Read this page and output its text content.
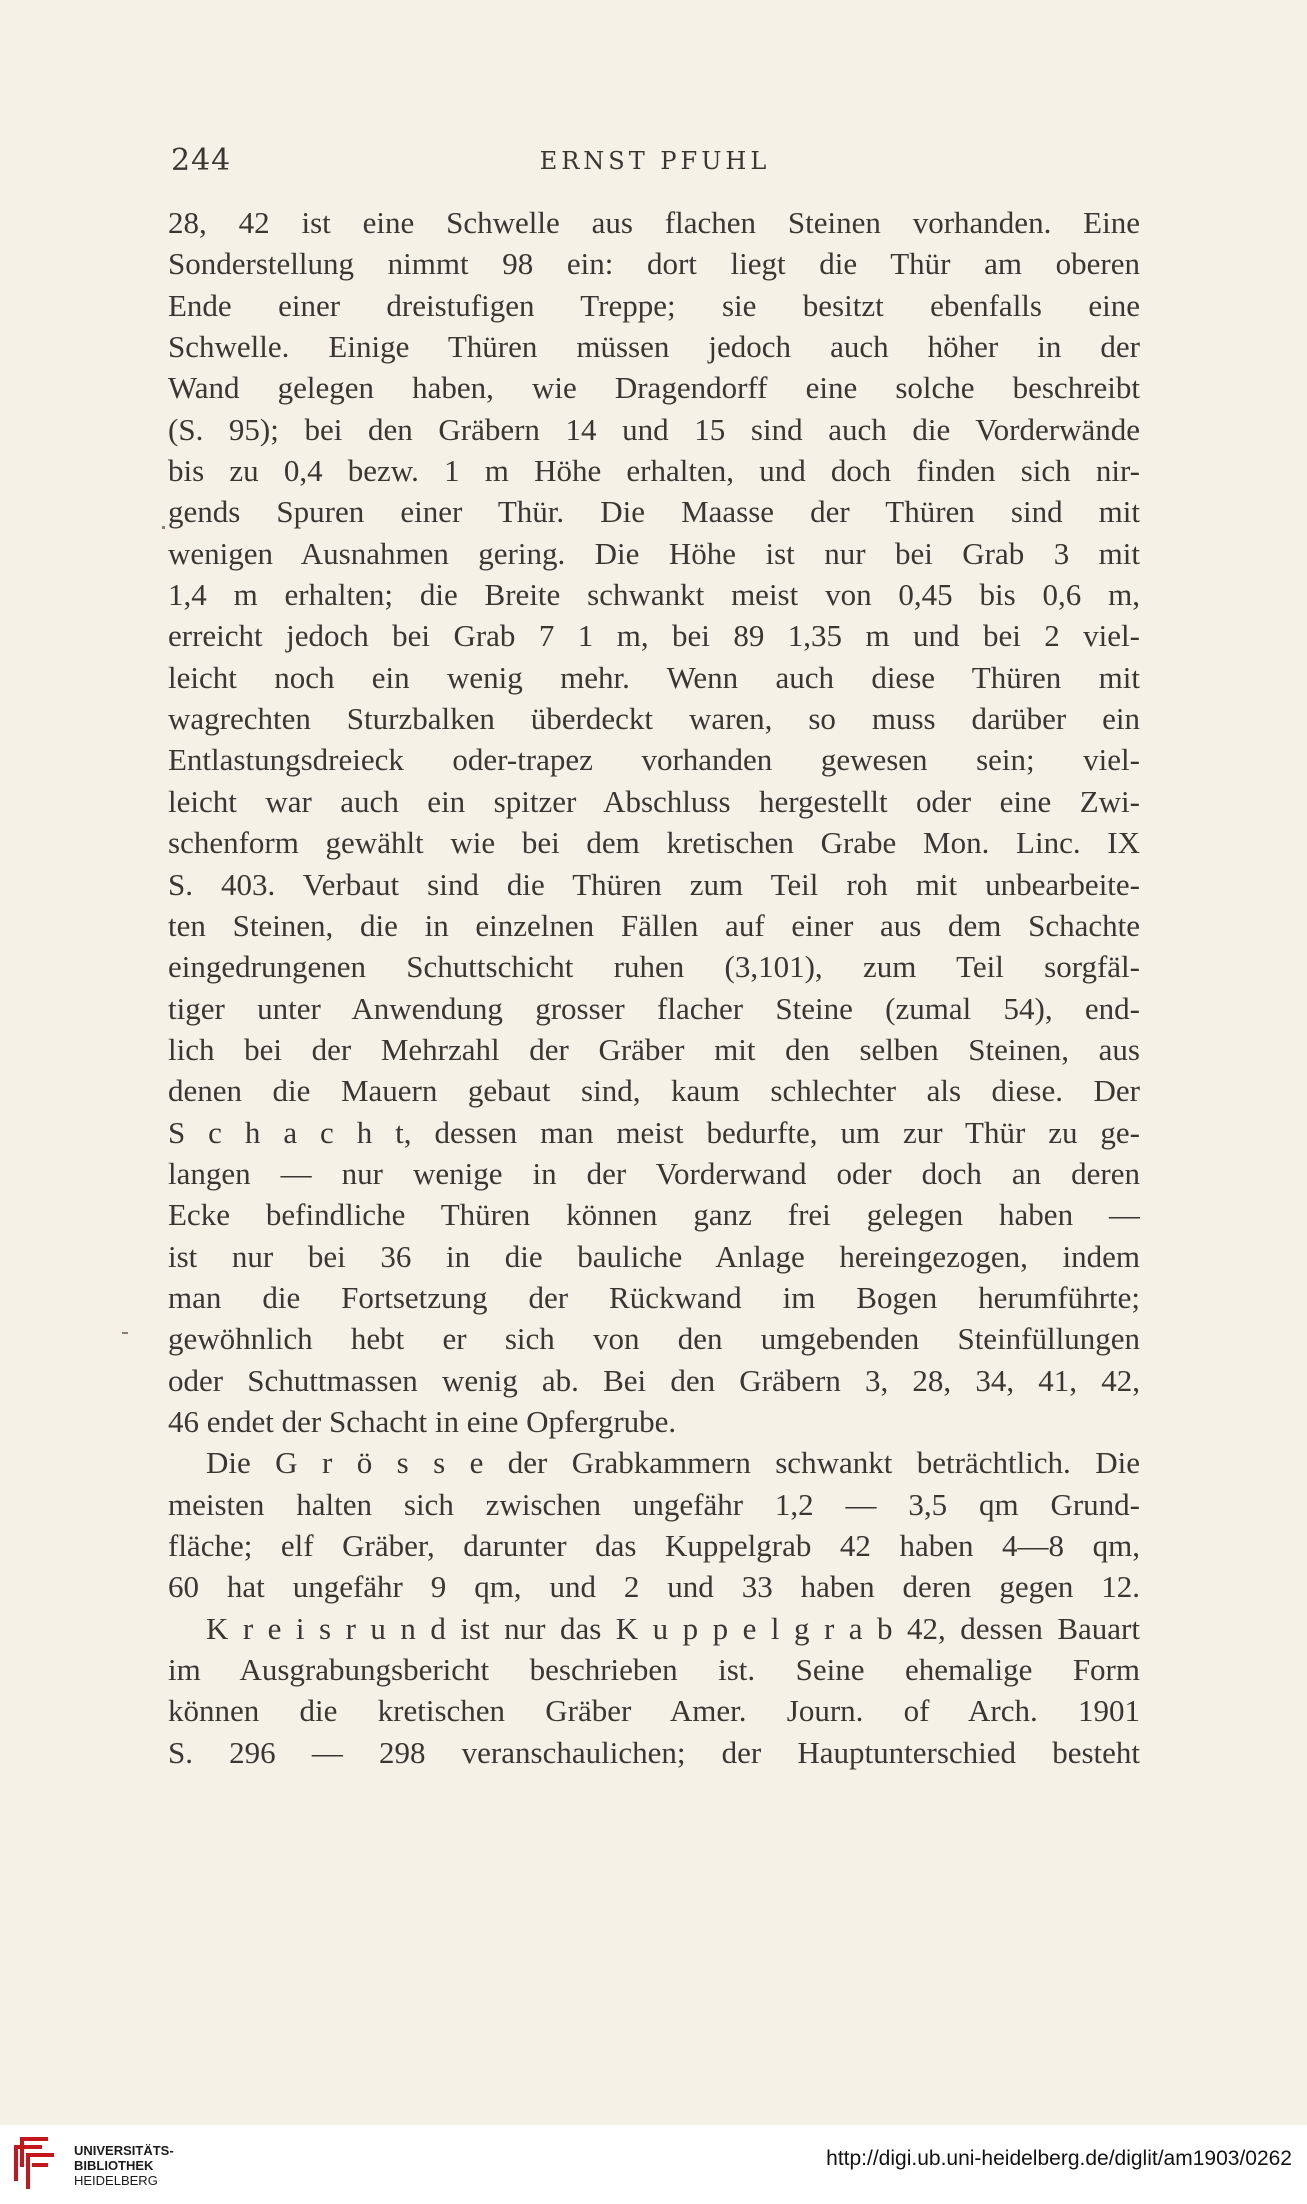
244	ERNST PFUHL
28, 42 ist eine Schwelle aus flachen Steinen vorhanden. Eine
Sonderstellung nimmt 98 ein: dort liegt die Thür am oberen
Ende einer dreistufigen Treppe; sie besitzt ebenfalls eine
Schwelle. Einige Thüren müssen jedoch auch höher in der
Wand gelegen haben, wie Dragendorff eine solche beschreibt
(S. 95); bei den Gräbern 14 und 15 sind auch die Vorderwände
bis zu 0,4 bezw. 1 m Höhe erhalten, und doch finden sich nir-
gends Spuren einer Thür. Die Maasse der Thüren sind mit
wenigen Ausnahmen gering. Die Höhe ist nur bei Grab 3 mit
1,4 m erhalten; die Breite schwankt meist von 0,45 bis 0,6 m,
erreicht jedoch bei Grab 7 1 m, bei 89 1,35 m und bei 2 viel-
leicht noch ein wenig mehr. Wenn auch diese Thüren mit
wagrechten Sturzbalken überdeckt waren, so muss darüber ein
Entlastungsdreieck oder-trapez vorhanden gewesen sein; viel-
leicht war auch ein spitzer Abschluss hergestellt oder eine Zwi-
schenform gewählt wie bei dem kretischen Grabe Mon. Linc. IX
S. 403. Verbaut sind die Thüren zum Teil roh mit unbearbeite-
ten Steinen, die in einzelnen Fällen auf einer aus dem Schachte
eingedrungenen Schuttschicht ruhen (3,101), zum Teil sorgfäl-
tiger unter Anwendung grosser flacher Steine (zumal 54), end-
lich bei der Mehrzahl der Gräber mit den selben Steinen, aus
denen die Mauern gebaut sind, kaum schlechter als diese. Der
S c h a c h t, dessen man meist bedurfte, um zur Thür zu ge-
langen — nur wenige in der Vorderwand oder doch an deren
Ecke befindliche Thüren können ganz frei gelegen haben —
ist nur bei 36 in die bauliche Anlage hereingezogen, indem
man die Fortsetzung der Rückwand im Bogen herumführte;
gewöhnlich hebt er sich von den umgebenden Steinfüllungen
oder Schuttmassen wenig ab. Bei den Gräbern 3, 28, 34, 41, 42,
46 endet der Schacht in eine Opfergrube.
Die G r ö s s e der Grabkammern schwankt beträchtlich. Die
meisten halten sich zwischen ungefähr 1,2 — 3,5 qm Grund-
fläche; elf Gräber, darunter das Kuppelgrab 42 haben 4—8 qm,
60 hat ungefähr 9 qm, und 2 und 33 haben deren gegen 12.
K r e i s r u n d ist nur das K u p p e l g r a b 42, dessen Bauart
im Ausgrabungsbericht beschrieben ist. Seine ehemalige Form
können die kretischen Gräber Amer. Journ. of Arch. 1901
S. 296 — 298 veranschaulichen; der Hauptunterschied besteht
UNIVERSITÄTS-
BIBLIOTHEK
HEIDELBERG
http://digi.ub.uni-heidelberg.de/diglit/am1903/0262
